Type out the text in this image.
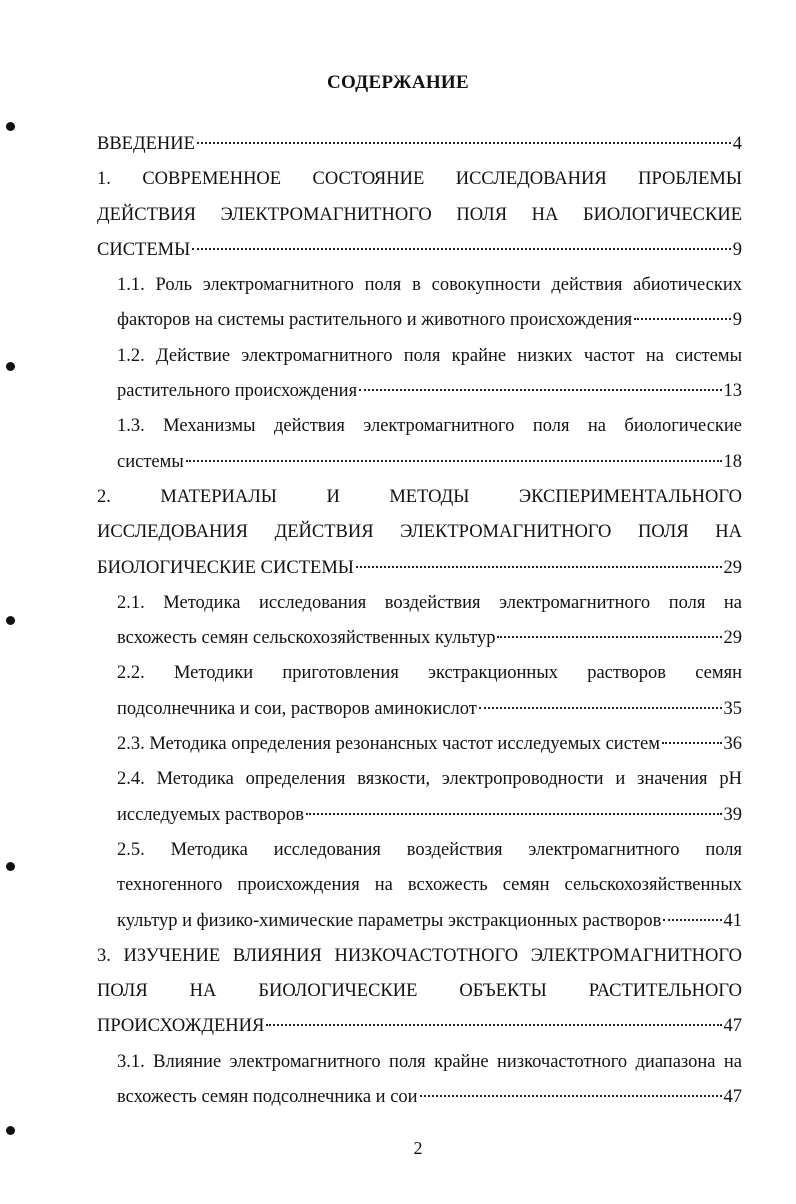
СОДЕРЖАНИЕ
ВВЕДЕНИЕ	4
1. СОВРЕМЕННОЕ СОСТОЯНИЕ ИССЛЕДОВАНИЯ ПРОБЛЕМЫ
ДЕЙСТВИЯ ЭЛЕКТРОМАГНИТНОГО ПОЛЯ НА БИОЛОГИЧЕСКИЕ
СИСТЕМЫ	9
1.1. Роль электромагнитного поля в совокупности действия абиотических
факторов на системы растительного и животного происхождения	9
1.2. Действие электромагнитного поля крайне низких частот на системы
растительного происхождения	13
1.3. Механизмы действия электромагнитного поля на биологические
системы	18
2. МАТЕРИАЛЫ И МЕТОДЫ ЭКСПЕРИМЕНТАЛЬНОГО
ИССЛЕДОВАНИЯ ДЕЙСТВИЯ ЭЛЕКТРОМАГНИТНОГО ПОЛЯ НА
БИОЛОГИЧЕСКИЕ СИСТЕМЫ	29
2.1. Методика исследования воздействия электромагнитного поля на
всхожесть семян сельскохозяйственных культур	29
2.2. Методики приготовления экстракционных растворов семян
подсолнечника и сои, растворов аминокислот	35
2.3. Методика определения резонансных частот исследуемых систем	36
2.4. Методика определения вязкости, электропроводности и значения pH
исследуемых растворов	39
2.5. Методика исследования воздействия электромагнитного поля
техногенного происхождения на всхожесть семян сельскохозяйственных
культур и физико-химические параметры экстракционных растворов	41
3. ИЗУЧЕНИЕ ВЛИЯНИЯ НИЗКОЧАСТОТНОГО ЭЛЕКТРОМАГНИТНОГО
ПОЛЯ НА БИОЛОГИЧЕСКИЕ ОБЪЕКТЫ РАСТИТЕЛЬНОГО
ПРОИСХОЖДЕНИЯ	47
3.1. Влияние электромагнитного поля крайне низкочастотного диапазона на
всхожесть семян подсолнечника и сои	47
2
